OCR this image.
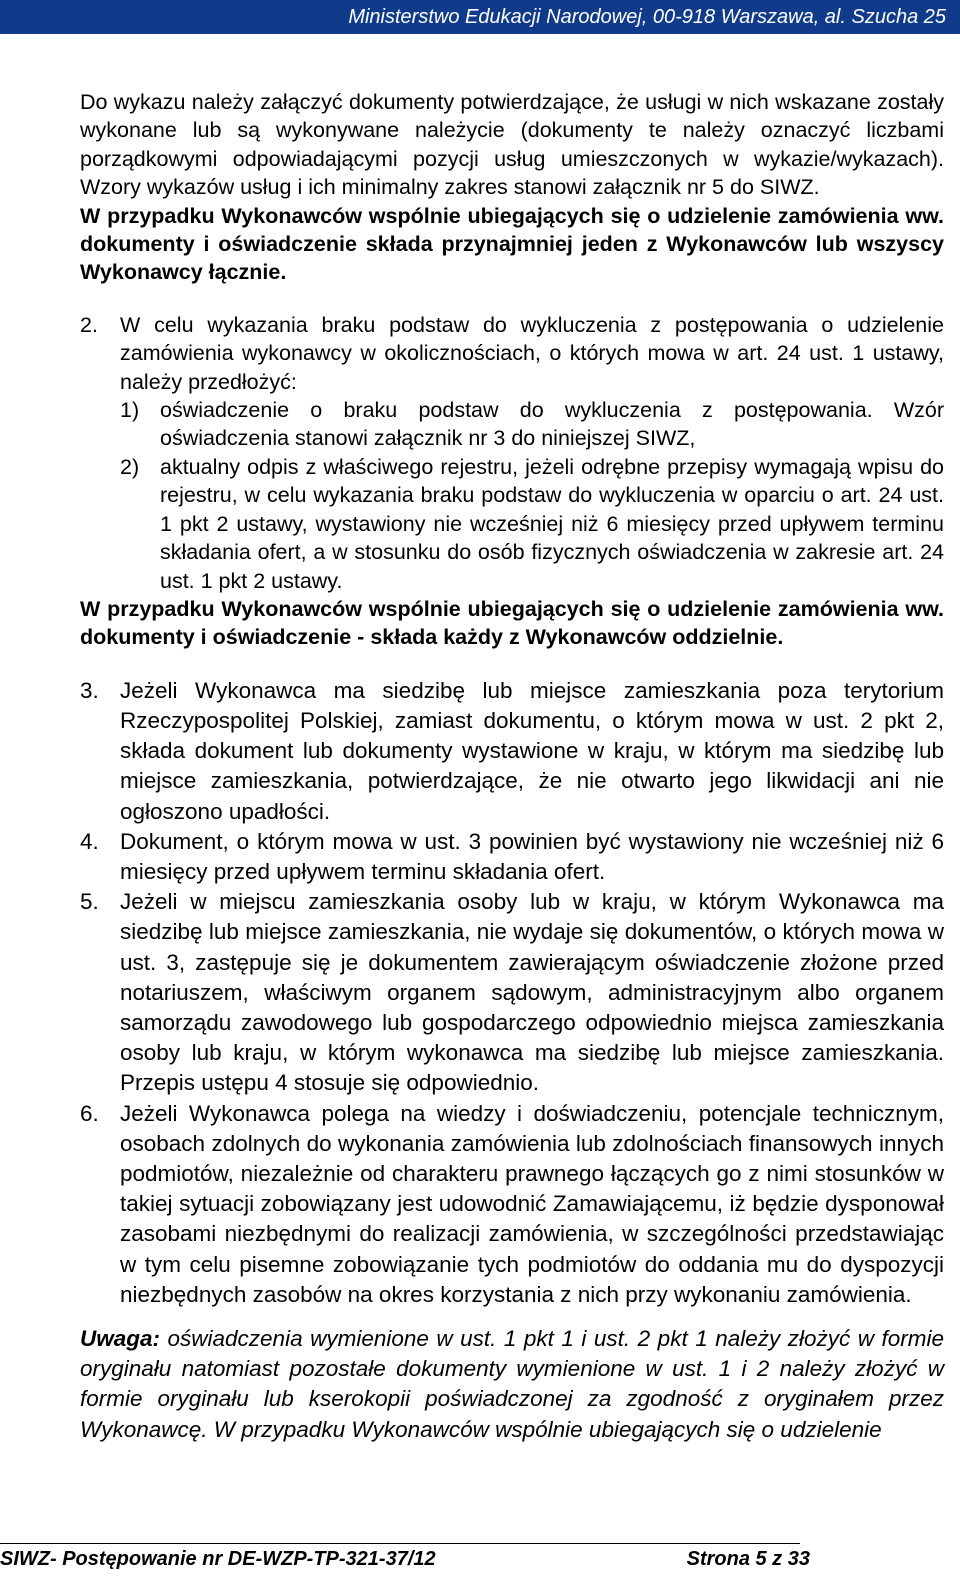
Ministerstwo Edukacji Narodowej, 00-918 Warszawa, al. Szucha 25

Do wykazu należy załączyć dokumenty potwierdzające, że usługi w nich wskazane zostały wykonane lub są wykonywane należycie (dokumenty te należy oznaczyć liczbami porządkowymi odpowiadającymi pozycji usług umieszczonych w wykazie/wykazach). Wzory wykazów usług i ich minimalny zakres stanowi załącznik nr 5 do SIWZ.

W przypadku Wykonawców wspólnie ubiegających się o udzielenie zamówienia ww. dokumenty i oświadczenie składa przynajmniej jeden z Wykonawców lub wszyscy Wykonawcy łącznie.

2. W celu wykazania braku podstaw do wykluczenia z postępowania o udzielenie zamówienia wykonawcy w okolicznościach, o których mowa w art. 24 ust. 1 ustawy, należy przedłożyć:
1) oświadczenie o braku podstaw do wykluczenia z postępowania. Wzór oświadczenia stanowi załącznik nr 3 do niniejszej SIWZ,
2) aktualny odpis z właściwego rejestru, jeżeli odrębne przepisy wymagają wpisu do rejestru, w celu wykazania braku podstaw do wykluczenia w oparciu o art. 24 ust. 1 pkt 2 ustawy, wystawiony nie wcześniej niż 6 miesięcy przed upływem terminu składania ofert, a w stosunku do osób fizycznych oświadczenia w zakresie art. 24 ust. 1 pkt 2 ustawy.

W przypadku Wykonawców wspólnie ubiegających się o udzielenie zamówienia ww. dokumenty i oświadczenie - składa każdy z Wykonawców oddzielnie.

3. Jeżeli Wykonawca ma siedzibę lub miejsce zamieszkania poza terytorium Rzeczypospolitej Polskiej, zamiast dokumentu, o którym mowa w ust. 2 pkt 2, składa dokument lub dokumenty wystawione w kraju, w którym ma siedzibę lub miejsce zamieszkania, potwierdzające, że nie otwarto jego likwidacji ani nie ogłoszono upadłości.
4. Dokument, o którym mowa w ust. 3 powinien być wystawiony nie wcześniej niż 6 miesięcy przed upływem terminu składania ofert.
5. Jeżeli w miejscu zamieszkania osoby lub w kraju, w którym Wykonawca ma siedzibę lub miejsce zamieszkania, nie wydaje się dokumentów, o których mowa w ust. 3, zastępuje się je dokumentem zawierającym oświadczenie złożone przed notariuszem, właściwym organem sądowym, administracyjnym albo organem samorządu zawodowego lub gospodarczego odpowiednio miejsca zamieszkania osoby lub kraju, w którym wykonawca ma siedzibę lub miejsce zamieszkania. Przepis ustępu 4 stosuje się odpowiednio.
6. Jeżeli Wykonawca polega na wiedzy i doświadczeniu, potencjale technicznym, osobach zdolnych do wykonania zamówienia lub zdolnościach finansowych innych podmiotów, niezależnie od charakteru prawnego łączących go z nimi stosunków w takiej sytuacji zobowiązany jest udowodnić Zamawiającemu, iż będzie dysponował zasobami niezbędnymi do realizacji zamówienia, w szczególności przedstawiając w tym celu pisemne zobowiązanie tych podmiotów do oddania mu do dyspozycji niezbędnych zasobów na okres korzystania z nich przy wykonaniu zamówienia.

Uwaga: oświadczenia wymienione w ust. 1 pkt 1 i ust. 2 pkt 1 należy złożyć w formie oryginału natomiast pozostałe dokumenty wymienione w ust. 1 i 2 należy złożyć w formie oryginału lub kserokopii poświadczonej za zgodność z oryginałem przez Wykonawcę. W przypadku Wykonawców wspólnie ubiegających się o udzielenie

SIWZ- Postępowanie nr DE-WZP-TP-321-37/12	Strona 5 z 33
